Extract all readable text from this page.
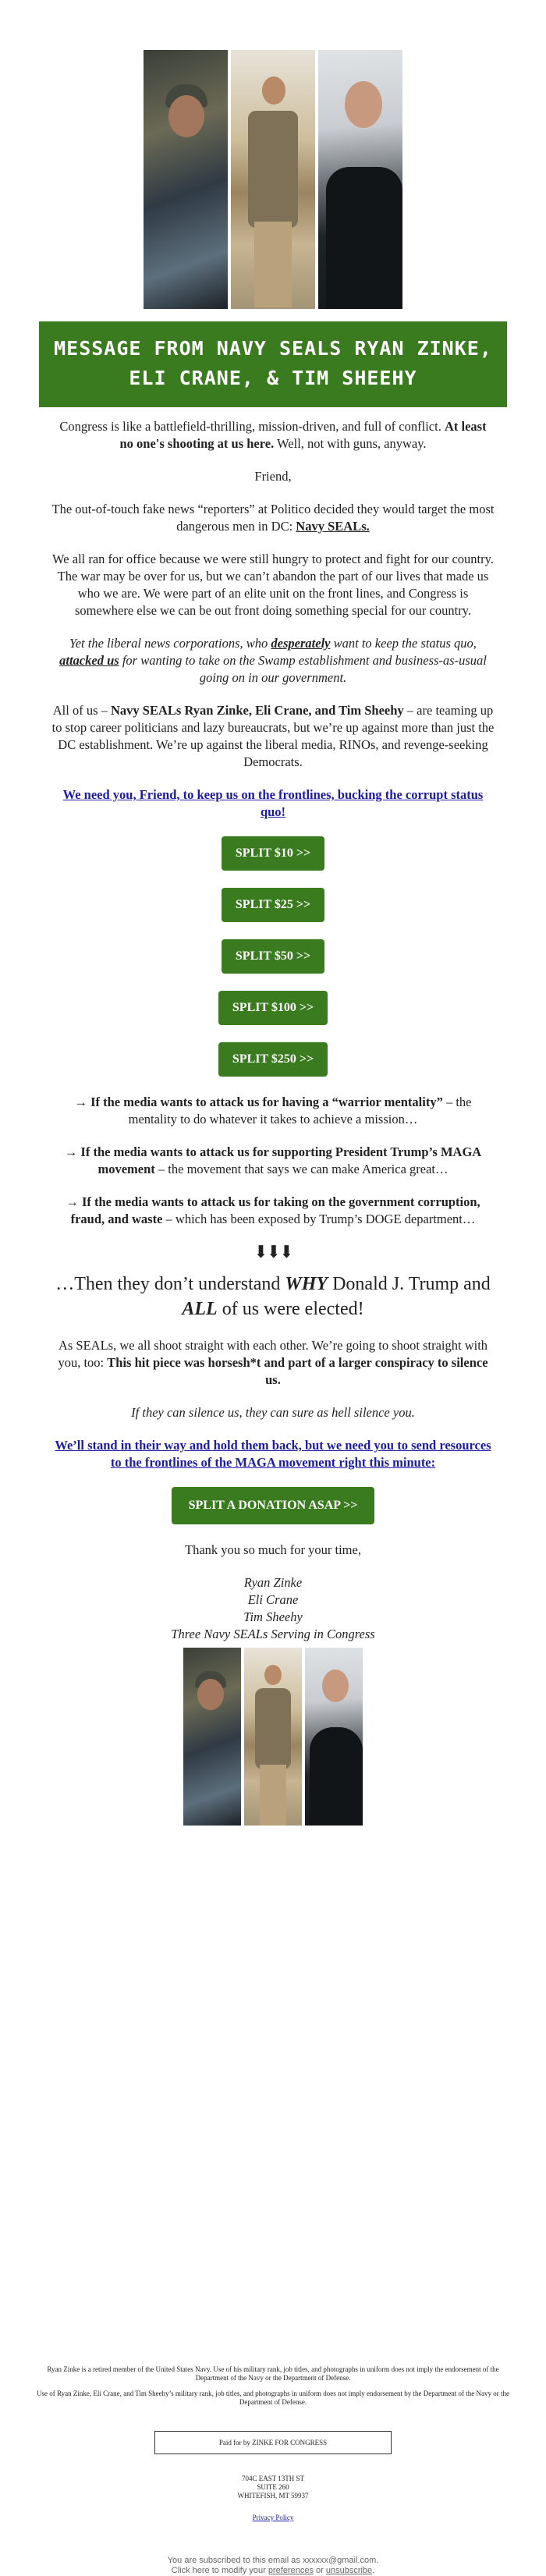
MESSAGE FROM NAVY SEALS RYAN ZINKE, ELI CRANE, & TIM SHEEHY

Congress is like a battlefield-thrilling, mission-driven, and full of conflict. At least no one's shooting at us here. Well, not with guns, anyway.

Friend,

The out-of-touch fake news “reporters” at Politico decided they would target the most dangerous men in DC: Navy SEALs.

We all ran for office because we were still hungry to protect and fight for our country. The war may be over for us, but we can’t abandon the part of our lives that made us who we are. We were part of an elite unit on the front lines, and Congress is somewhere else we can be out front doing something special for our country.

Yet the liberal news corporations, who desperately want to keep the status quo, attacked us for wanting to take on the Swamp establishment and business-as-usual going on in our government.

All of us – Navy SEALs Ryan Zinke, Eli Crane, and Tim Sheehy – are teaming up to stop career politicians and lazy bureaucrats, but we’re up against more than just the DC establishment. We’re up against the liberal media, RINOs, and revenge-seeking Democrats.

We need you, Friend, to keep us on the frontlines, bucking the corrupt status quo!

SPLIT $10 >>
SPLIT $25 >>
SPLIT $50 >>
SPLIT $100 >>
SPLIT $250 >>

→ If the media wants to attack us for having a “warrior mentality” – the mentality to do whatever it takes to achieve a mission…

→ If the media wants to attack us for supporting President Trump’s MAGA movement – the movement that says we can make America great…

→ If the media wants to attack us for taking on the government corruption, fraud, and waste – which has been exposed by Trump’s DOGE department…

⬇⬇⬇

…Then they don’t understand WHY Donald J. Trump and ALL of us were elected!

As SEALs, we all shoot straight with each other. We’re going to shoot straight with you, too: This hit piece was horsesh*t and part of a larger conspiracy to silence us.

If they can silence us, they can sure as hell silence you.

We’ll stand in their way and hold them back, but we need you to send resources to the frontlines of the MAGA movement right this minute:

SPLIT A DONATION ASAP >>

Thank you so much for your time,

Ryan Zinke
Eli Crane
Tim Sheehy
Three Navy SEALs Serving in Congress

Ryan Zinke is a retired member of the United States Navy. Use of his military rank, job titles, and photographs in uniform does not imply the endorsement of the Department of the Navy or the Department of Defense.

Use of Ryan Zinke, Eli Crane, and Tim Sheehy’s military rank, job titles, and photographs in uniform does not imply endorsement by the Department of the Navy or the Department of Defense.

Paid for by ZINKE FOR CONGRESS
704C EAST 13TH ST
SUITE 260
WHITEFISH, MT 59937
Privacy Policy
You are subscribed to this email as xxxxxx@gmail.com.
Click here to modify your preferences or unsubscribe.
